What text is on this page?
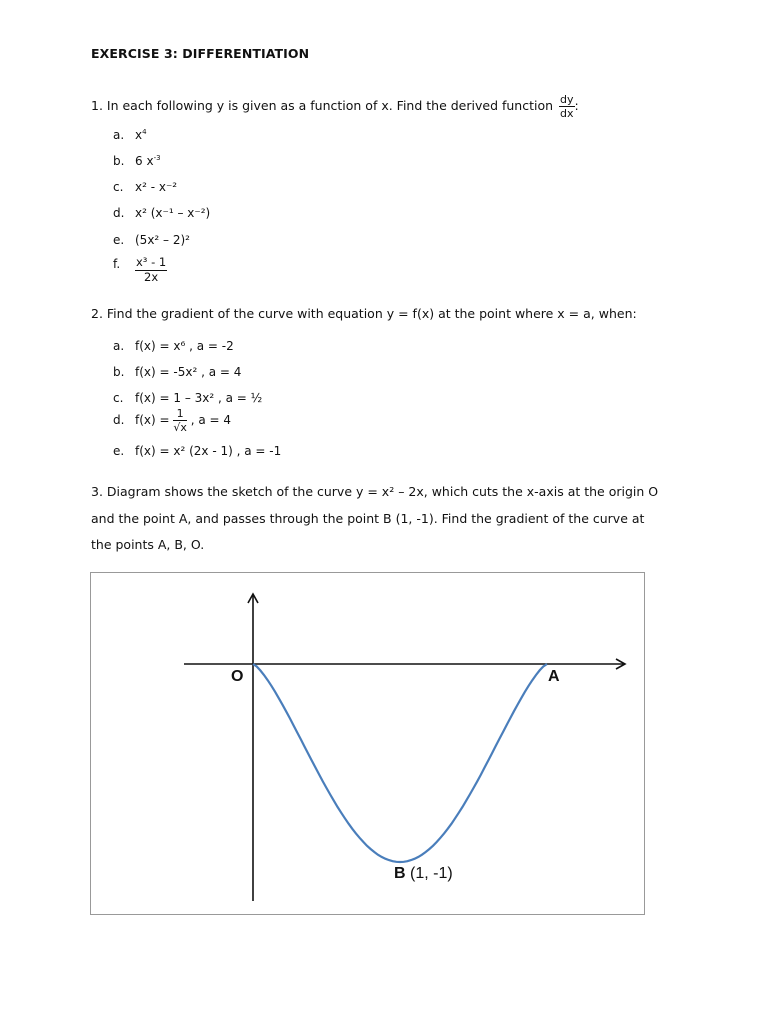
EXERCISE 3: DIFFERENTIATION
1. In each following y is given as a function of x. Find the derived function $\frac{dy}{dx}$ :
a. $x^4$
b. 6 $x^{-3}$
c. x² - x⁻²
d. x² (x⁻¹ – x⁻²)
e. (5x² – 2)²
f. $\frac{\text{x³ - 1}}{2x}$
2. Find the gradient of the curve with equation y = f(x) at the point where x = a, when:
a. f(x) = x⁶ , a = -2
b. f(x) = -5x² , a = 4
c. f(x) = 1 – 3x² , a = ½
d. $f(x) = \frac{1}{√x}$ , a = 4
e. f(x) = x² (2x - 1) , a = -1
3. Diagram shows the sketch of the curve y = x² – 2x, which cuts the x-axis at the origin O
and the point A, and passes through the point B (1, -1). Find the gradient of the curve at
the points A, B, O.
O	A
B (1, -1)
